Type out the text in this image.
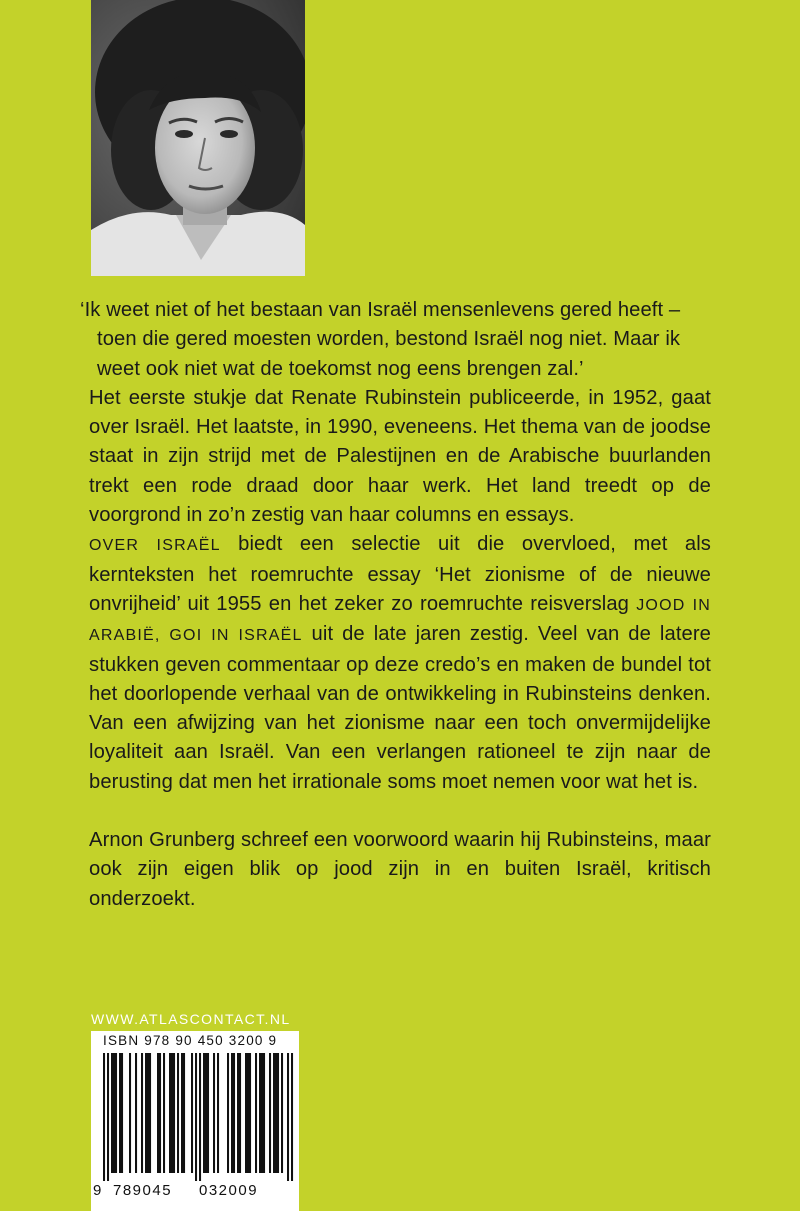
‘Ik weet niet of het bestaan van Israël mensenlevens gered heeft –

toen die gered moesten worden, bestond Israël nog niet. Maar ik

weet ook niet wat de toekomst nog eens brengen zal.’

Het eerste stukje dat Renate Rubinstein publiceerde, in 1952, gaat over Israël. Het laatste, in 1990, eveneens. Het thema van de joodse staat in zijn strijd met de Palestijnen en de Arabische buurlanden trekt een rode draad door haar werk. Het land treedt op de voorgrond in zo’n zestig van haar columns en essays.

OVER ISRAËL biedt een selectie uit die overvloed, met als kernteksten het roemruchte essay ‘Het zionisme of de nieuwe onvrijheid’ uit 1955 en het zeker zo roemruchte reisverslag JOOD IN ARABIË, GOI IN ISRAËL uit de late jaren zestig. Veel van de latere stukken geven commentaar op deze credo’s en maken de bundel tot het doorlopende verhaal van de ontwikkeling in Rubinsteins denken. Van een afwijzing van het zionisme naar een toch onvermijdelijke loyaliteit aan Israël. Van een verlangen rationeel te zijn naar de berusting dat men het irrationale soms moet nemen voor wat het is.

Arnon Grunberg schreef een voorwoord waarin hij Rubinsteins, maar ook zijn eigen blik op jood zijn in en buiten Israël, kritisch onderzoekt.

WWW.ATLASCONTACT.NL
ISBN 978 90 450 3200 9
9 789045 032009
